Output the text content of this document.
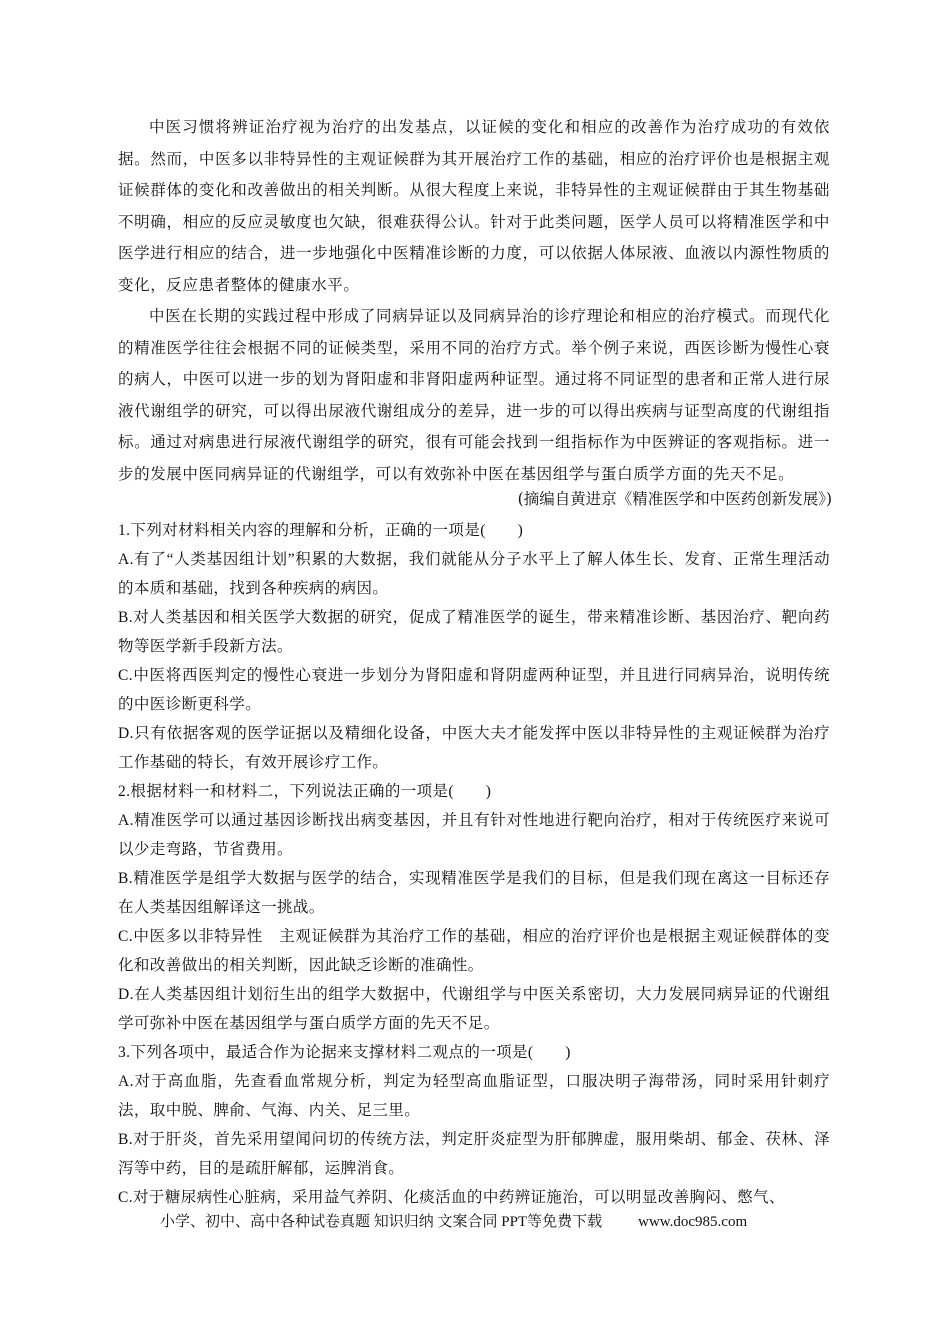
中医习惯将辨证治疗视为治疗的出发基点，以证候的变化和相应的改善作为治疗成功的有效依据。然而，中医多以非特异性的主观证候群为其开展治疗工作的基础，相应的治疗评价也是根据主观证候群体的变化和改善做出的相关判断。从很大程度上来说，非特异性的主观证候群由于其生物基础不明确，相应的反应灵敏度也欠缺，很难获得公认。针对于此类问题，医学人员可以将精准医学和中医学进行相应的结合，进一步地强化中医精准诊断的力度，可以依据人体尿液、血液以内源性物质的变化，反应患者整体的健康水平。

中医在长期的实践过程中形成了同病异证以及同病异治的诊疗理论和相应的治疗模式。而现代化的精准医学往往会根据不同的证候类型，采用不同的治疗方式。举个例子来说，西医诊断为慢性心衰的病人，中医可以进一步的划为肾阳虚和非肾阳虚两种证型。通过将不同证型的患者和正常人进行尿液代谢组学的研究，可以得出尿液代谢组成分的差异，进一步的可以得出疾病与证型高度的代谢组指标。通过对病患进行尿液代谢组学的研究，很有可能会找到一组指标作为中医辨证的客观指标。进一步的发展中医同病异证的代谢组学，可以有效弥补中医在基因组学与蛋白质学方面的先天不足。

(摘编自黄进京《精准医学和中医药创新发展》)

1.下列对材料相关内容的理解和分析，正确的一项是(　　)

A.有了“人类基因组计划”积累的大数据，我们就能从分子水平上了解人体生长、发育、正常生理活动的本质和基础，找到各种疾病的病因。

B.对人类基因和相关医学大数据的研究，促成了精准医学的诞生，带来精准诊断、基因治疗、靶向药物等医学新手段新方法。

C.中医将西医判定的慢性心衰进一步划分为肾阳虚和肾阴虚两种证型，并且进行同病异治，说明传统的中医诊断更科学。

D.只有依据客观的医学证据以及精细化设备，中医大夫才能发挥中医以非特异性的主观证候群为治疗工作基础的特长，有效开展诊疗工作。

2.根据材料一和材料二，下列说法正确的一项是(　　)

A.精准医学可以通过基因诊断找出病变基因，并且有针对性地进行靶向治疗，相对于传统医疗来说可以少走弯路，节省费用。

B.精准医学是组学大数据与医学的结合，实现精准医学是我们的目标，但是我们现在离这一目标还存在人类基因组解译这一挑战。

C.中医多以非特异性　主观证候群为其治疗工作的基础，相应的治疗评价也是根据主观证候群体的变化和改善做出的相关判断，因此缺乏诊断的准确性。

D.在人类基因组计划衍生出的组学大数据中，代谢组学与中医关系密切，大力发展同病异证的代谢组学可弥补中医在基因组学与蛋白质学方面的先天不足。

3.下列各项中，最适合作为论据来支撑材料二观点的一项是(　　)

A.对于高血脂，先查看血常规分析，判定为轻型高血脂证型，口服决明子海带汤，同时采用针刺疗法，取中脱、脾俞、气海、内关、足三里。

B.对于肝炎，首先采用望闻问切的传统方法，判定肝炎症型为肝郁脾虚，服用柴胡、郁金、茯林、泽泻等中药，目的是疏肝解郁，运脾消食。

C.对于糖尿病性心脏病，采用益气养阴、化痰活血的中药辨证施治，可以明显改善胸闷、憋气、

小学、初中、高中各种试卷真题 知识归纳 文案合同 PPT等免费下载 www.doc985.com
